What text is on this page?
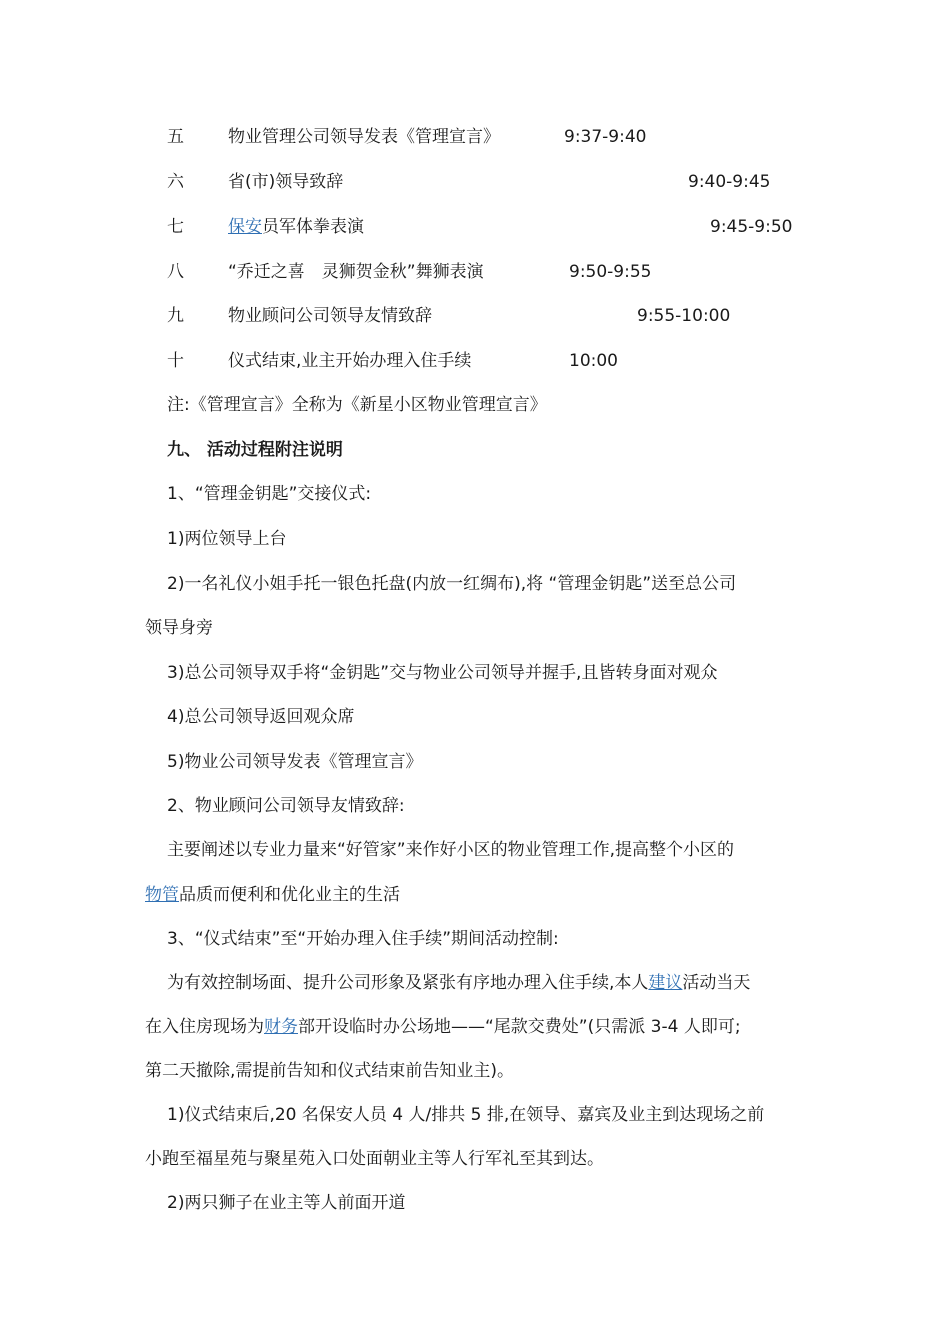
五	物业管理公司领导发表《管理宣言》	9:37-9:40
六	省(市)领导致辞	9:40-9:45
七	保安员军体拳表演	9:45-9:50
八	“乔迁之喜　灵狮贺金秋”舞狮表演	9:50-9:55
九	物业顾问公司领导友情致辞	9:55-10:00
十	仪式结束,业主开始办理入住手续	10:00
注:《管理宣言》全称为《新星小区物业管理宣言》
九、 活动过程附注说明
1、“管理金钥匙”交接仪式:
1)两位领导上台
2)一名礼仪小姐手托一银色托盘(内放一红绸布),将 “管理金钥匙”送至总公司
领导身旁
3)总公司领导双手将“金钥匙”交与物业公司领导并握手,且皆转身面对观众
4)总公司领导返回观众席
5)物业公司领导发表《管理宣言》
2、物业顾问公司领导友情致辞:
主要阐述以专业力量来“好管家”来作好小区的物业管理工作,提高整个小区的
物管品质而便利和优化业主的生活
3、“仪式结束”至“开始办理入住手续”期间活动控制:
为有效控制场面、提升公司形象及紧张有序地办理入住手续,本人建议活动当天
在入住房现场为财务部开设临时办公场地——“尾款交费处”(只需派 3-4 人即可;
第二天撤除,需提前告知和仪式结束前告知业主)。
1)仪式结束后,20 名保安人员 4 人/排共 5 排,在领导、嘉宾及业主到达现场之前
小跑至福星苑与聚星苑入口处面朝业主等人行军礼至其到达。
2)两只狮子在业主等人前面开道
